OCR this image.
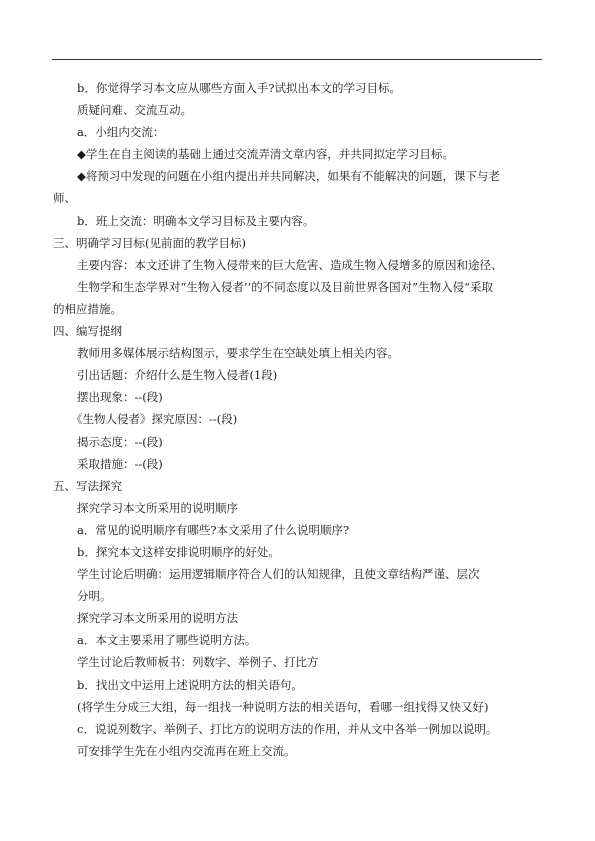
b．你觉得学习本文应从哪些方面入手?试拟出本文的学习目标。
质疑问难、交流互动。
a．小组内交流：
◆学生在自主阅读的基础上通过交流弄清文章内容，并共同拟定学习目标。
◆将预习中发现的问题在小组内提出并共同解决，如果有不能解决的问题，课下与老
师、
b．班上交流：明确本文学习目标及主要内容。
三、明确学习目标(见前面的教学目标)
主要内容：本文还讲了生物入侵带来的巨大危害、造成生物入侵增多的原因和途径、
生物学和生态学界对“生物入侵者’’的不同态度以及目前世界各国对”生物入侵“采取
的相应措施。
四、编写提纲
教师用多媒体展示结构图示，要求学生在空缺处填上相关内容。
引出话题：介绍什么是生物入侵者(1段)
摆出现象：--(段)
《生物人侵者》探究原因：--(段)
揭示态度：--(段)
采取措施：--(段)
五、写法探究
探究学习本文所采用的说明顺序
a．常见的说明顺序有哪些?本文采用了什么说明顺序?
b．探究本文这样安排说明顺序的好处。
学生讨论后明确：运用逻辑顺序符合人们的认知规律，且使文章结构严谨、层次
分明。
探究学习本文所采用的说明方法
a．本文主要采用了哪些说明方法。
学生讨论后教师板书：列数字、举例子、打比方
b．找出文中运用上述说明方法的相关语句。
(将学生分成三大组，每一组找一种说明方法的相关语句，看哪一组找得又快又好)
c．说说列数字、举例子、打比方的说明方法的作用，并从文中各举一例加以说明。
可安排学生先在小组内交流再在班上交流。
